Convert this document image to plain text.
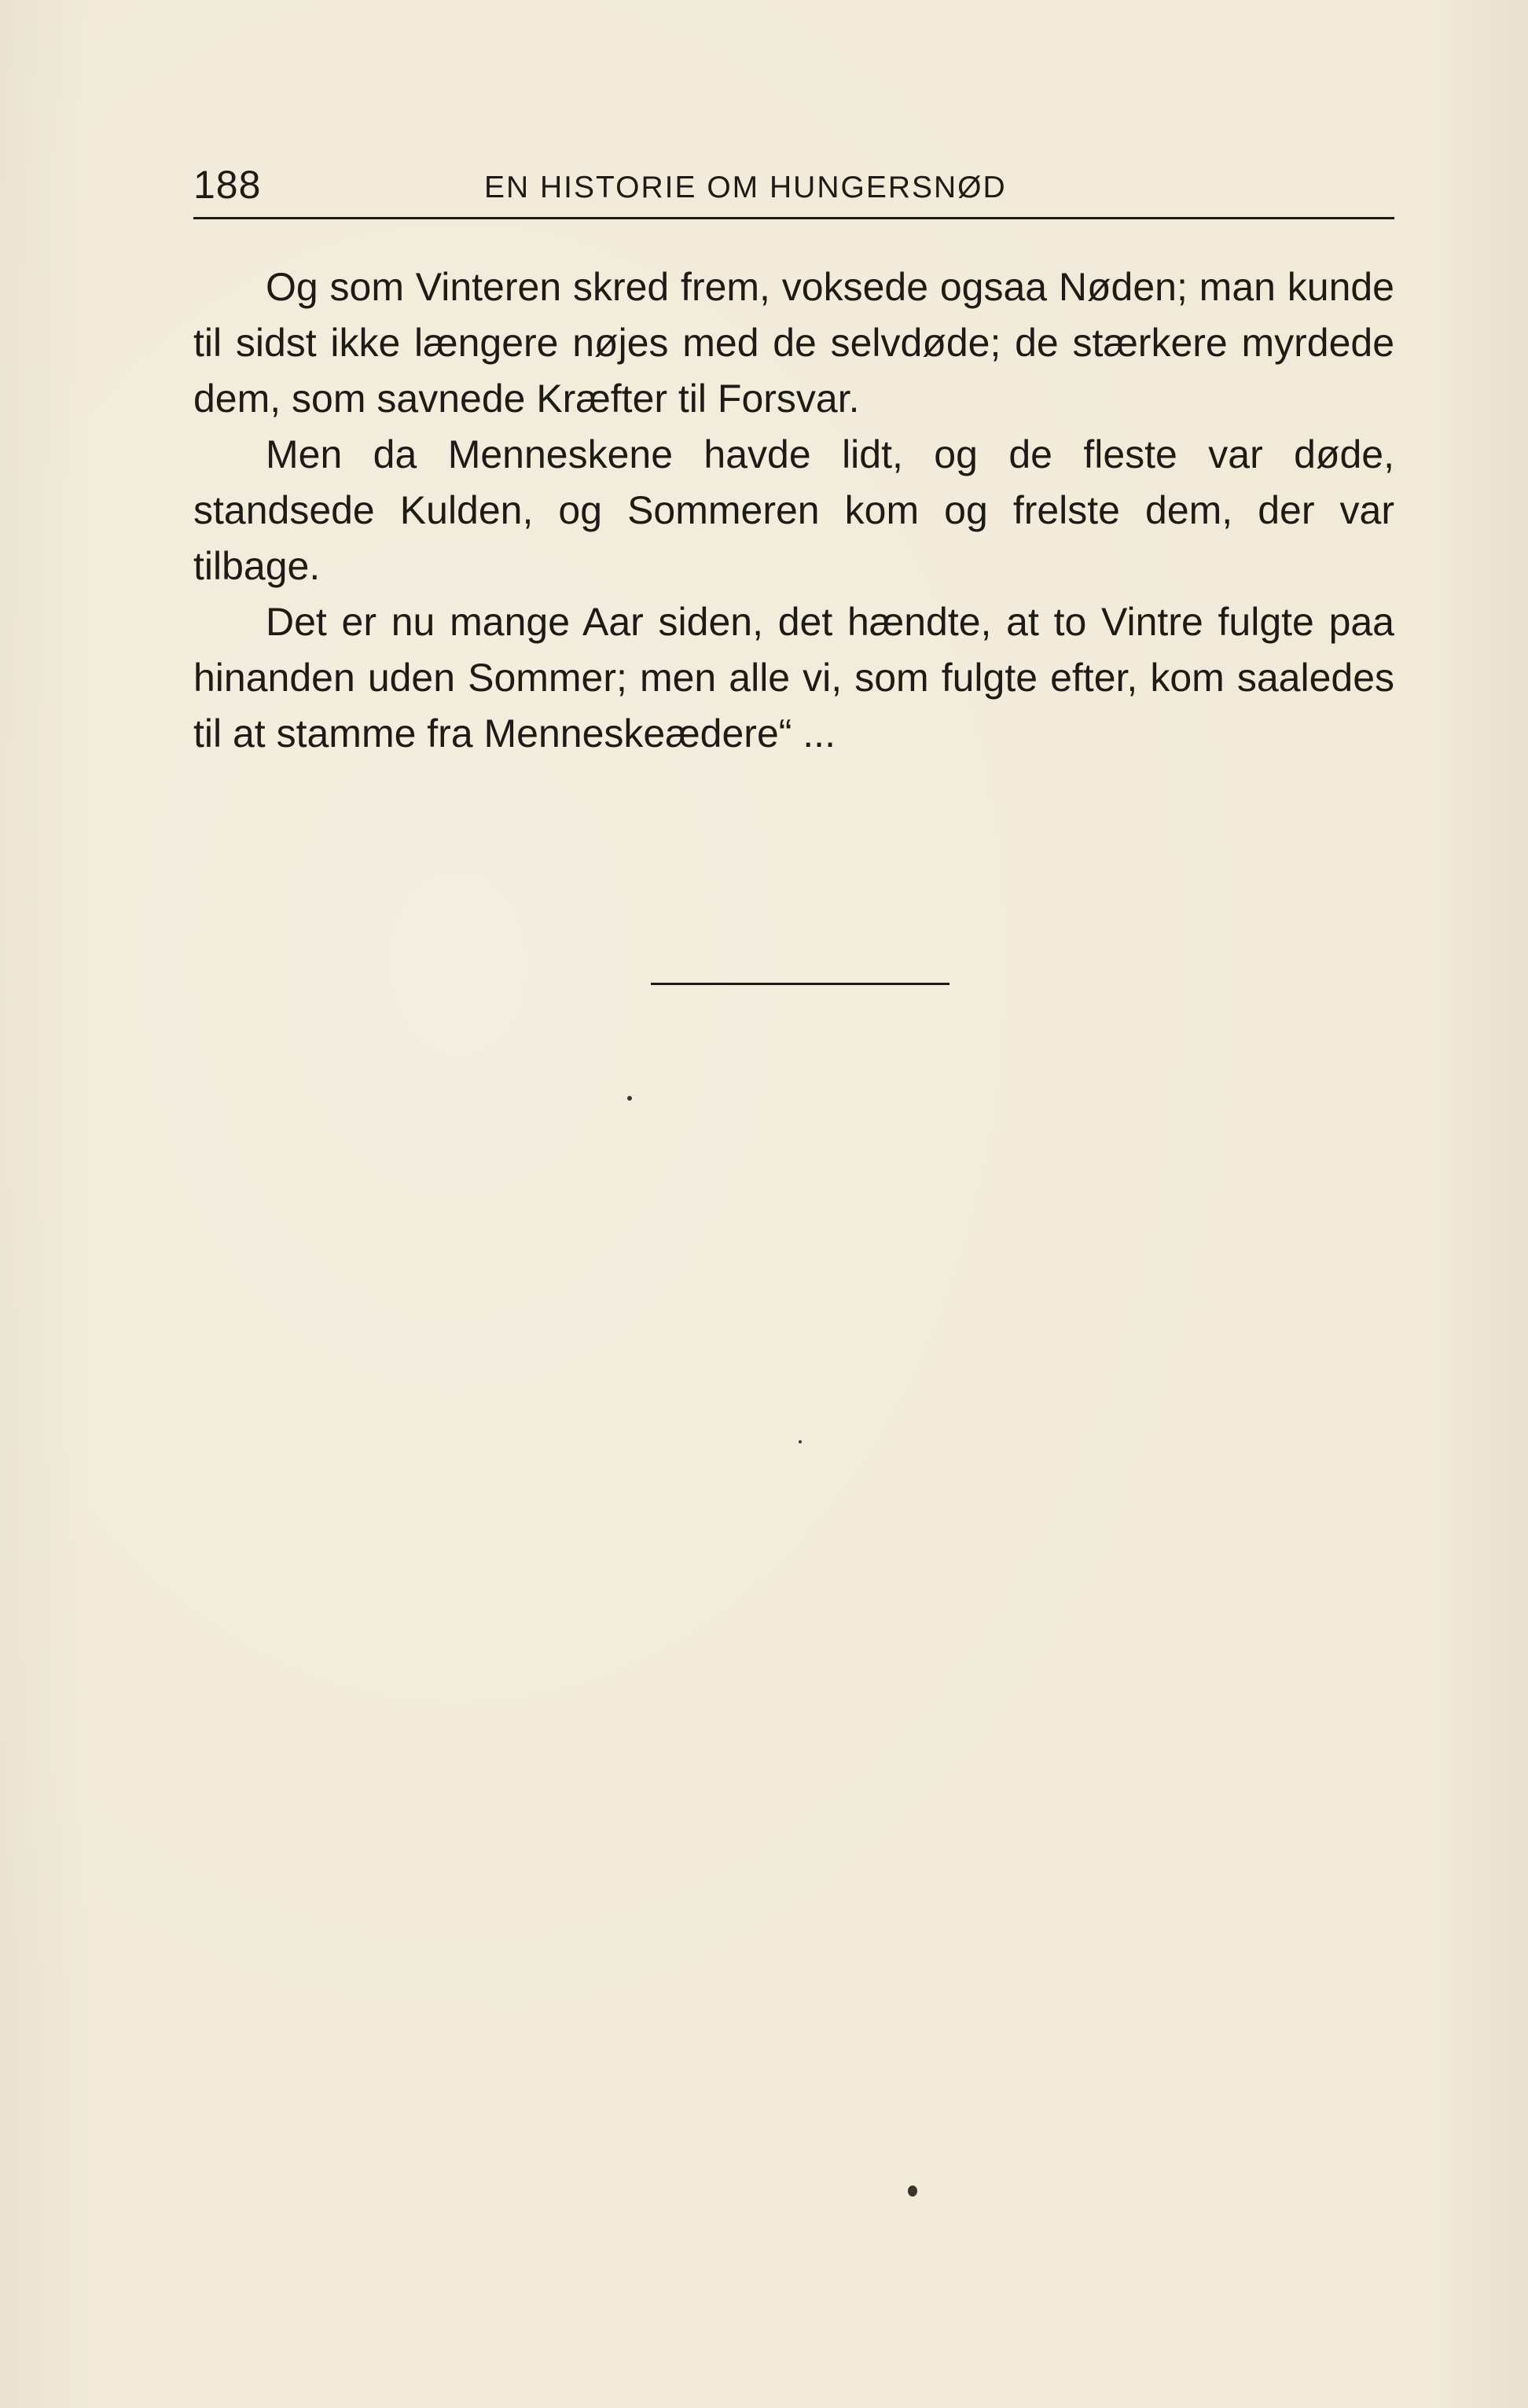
188	EN HISTORIE OM HUNGERSNØD

Og som Vinteren skred frem, voksede ogsaa Nøden; man kunde til sidst ikke længere nøjes med de selvdøde; de stærkere myrdede dem, som savnede Kræfter til Forsvar.

Men da Menneskene havde lidt, og de fleste var døde, standsede Kulden, og Sommeren kom og frelste dem, der var tilbage.

Det er nu mange Aar siden, det hændte, at to Vintre fulgte paa hinanden uden Sommer; men alle vi, som fulgte efter, kom saaledes til at stamme fra Menneskeædere“ ...
